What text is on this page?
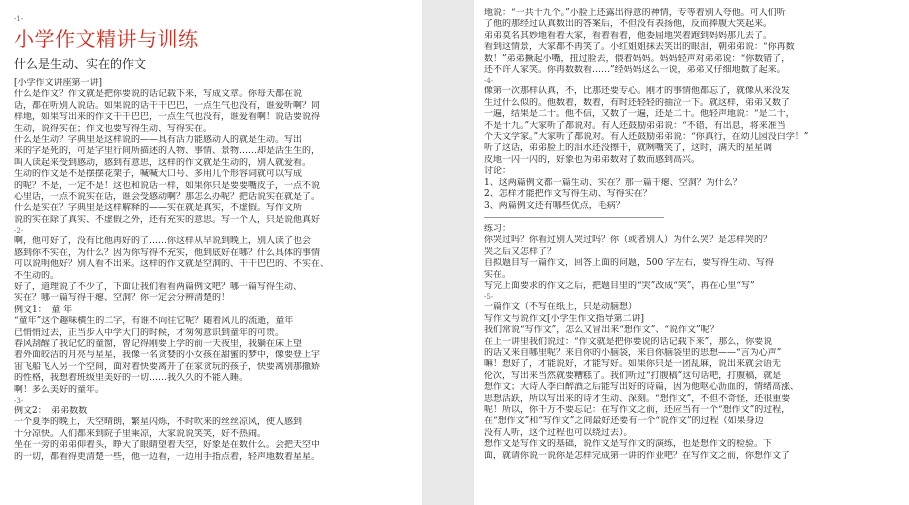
-1-
小学作文精讲与训练
什么是生动、实在的作文
[小学作文讲座第一讲]
什么是作文？作文就是把你要说的话记载下来，写成文章。你每天都在说
话，都在听别人说话。如果说的话干干巴巴，一点生气也没有，谁爱听啊？同
样地，如果写出来的作文干干巴巴，一点生气也没有，谁爱看啊！说话要说得
生动，说得实在；作文也要写得生动、写得实在。
什么是生动？字典里是这样说的——具有活力能感动人的就是生动。写出
来的字是死的，可是字里行间所描述的人物、事情、景物……却是活生生的，
叫人读起来受到感动，感到有意思，这样的作文就是生动的，别人就爱看。
生动的作文是不是摆摆花架子，喊喊大口号、多用几个形容词就可以写成
的呢？不是，一定不是！这也和说话一样，如果你只是要要嘴皮子，一点不说
心里话，一点不说实在话，谁会受感动啊？那怎么办呢？把话说实在就是了。
什么是实在？字典里是这样解释的——实在就是真实，不虚假。写作文所
说的实在除了真实、不虚假之外，还有充实的意思。写一个人，只是说他真好
-2-
啊，他可好了，没有比他再好的了……你这样从早说到晚上，别人读了也会
感到你不实在，为什么？因为你写得不充实，他到底好在哪？什么具体的事情
可以说明他好？别人看不出来。这样的作文就是空洞的、干干巴巴的、不实在、
不生动的。
好了，道理说了不少了，下面让我们看看两篇例文吧？哪一篇写得生动、
实在？哪一篇写得干瘪、空洞？你一定会分辨清楚的！
例文1：　童 年
“童年”这个趣味横生的二字，有谁不向往它呢？随着风儿的流逝，童年
已悄悄过去，正当步入中学大门的时候，才匆匆意识到童年的可贵。
春风刮醒了我记忆的童窗，曾记得刚要上学的前一天夜里，我躺在床上望
着外面皎洁的月亮与星星，我像一名贪婪的小女孩在甜蜜的梦中，像要登上宇
宙飞船飞入另一个空间，面对着快要离开了在家贪玩的孩子，快要离别那撒娇
的性格，我想着班级里美好的一切……我久久的不能入睡。
啊！多么美好的童年。
-3-
例文2：　弟弟数数
一个夏季的晚上，天空晴朗，繁星闪烁，不时吹来的丝丝凉风，使人感到
十分凉快。人们都来到院子里乘凉，大家说说笑笑，好不热闹。
坐在一旁的弟弟仰着头，睁大了眼睛望着天空，好象是在数什么。会把天空中
的一切，都看得更清楚一些，他一边看，一边用手指点着，轻声地数着星星。
地说：“一共十九个。”小脸上还露出得意的神情，专等着别人夸他。可人们听
了他的那经过认真数出的答案后，不但没有表扬他，反而捧腹大笑起来。
弟弟莫名其妙地看着大家，看着看着，他委屈地哭着跑到妈妈那儿去了。
看到这情景，大家都不再笑了。小红姐姐抹去笑出的眼泪，朝弟弟说：“你再数
数！”弟弟撅起小嘴，扭过脸去，偎着妈妈。妈妈轻声对弟弟说：“你数错了，
还不许人家笑。你再数数看……”经妈妈这么一说，弟弟又仔细地数了起来。
-4-
像第一次那样认真，不，比那还要专心。刚才的事情他都忘了，就像从来没发
生过什么似的。他数着，数着，有时还轻轻的抽泣一下。就这样，弟弟又数了
一遍，结果是二十。他不信，又数了一遍，还是二十。他轻声地说：“是二十，
不是十九。”大家听了都说对。有人还鼓励弟弟说：“不错，有出息，将来准当
个天文学家。”大家听了都说对。有人还鼓励弟弟说：“你真行，在幼儿园没白学！”
听了这话，弟弟脸上的泪水还没擦干，就咧嘴笑了，这时，满天的星星调
皮地一闪一闪的，好象也为弟弟数对了数而感到高兴。
讨论：
1、这两篇例文都一篇生动、实在？那一篇干瘪、空洞？为什么？
2、怎样才能把作文写得生动、写得实在？
3、两篇例文还有哪些优点，毛病？
练习：
你哭过吗？你看过别人哭过吗？你（或者别人）为什么哭？是怎样哭的？
哭之后又怎样了？
自拟题目写一篇作文，回答上面的问题，500 字左右，要写得生动、写得
实在。
写完上面要求的作文之后，把题目里的“哭”改成“笑”，再在心里“写”
-5-
一篇作文（不写在纸上，只是动脑想）
写作文与说作文[小学生作文指导第二讲]
我们常说“写作文”，怎么又冒出来“想作文”、“说作文”呢？
在上一讲里我们说过：“作文就是把你要说的话记载下来”，那么，你要说
的话又来自哪里呢？来自你的小脑袋，来自你脑袋里的思想——“言为心声”
嘛！想好了，才能说好，才能写好。如果你只是一团乱麻，说出来就会语无
伦次，写出来当然就要糟糕了。我们听过“打腹稿”这句话吧，打腹稿，就是
想作文；大诗人李白醉酒之后能写出好的诗篇，因为他呕心沥血的，情绪高涨、
思想活跃，所以写出来的诗才生动、深刻。“想作文”，不但不奇怪，还很重要
呢！所以，你千万不要忘记：在写作文之前，还应当有一个“想作文”的过程，
在“想作文”和“写作文”之间最好还要有一个“说作文”的过程（如果身边
没有人听，这个过程也可以绕过去）。
想作文是写作文的基础，说作文是写作文的演练，也是想作文的检验。下
面，就请你说一说你是怎样完成第一讲的作业吧？在写作文之前，你想作文了
